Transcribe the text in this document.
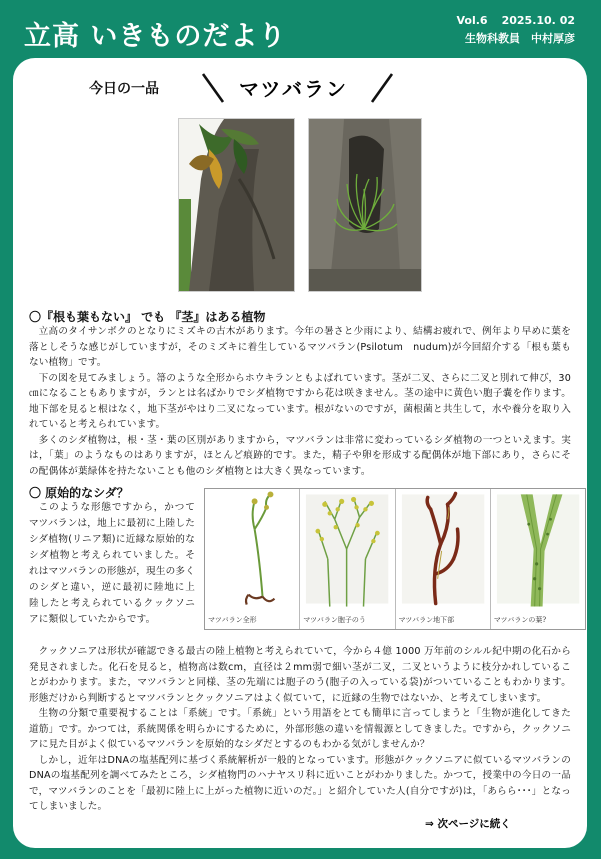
立高 いきものだより
Vol.6 2025.10. 02
生物科教員　中村厚彦
今日の一品	マツバラン
〇『根も葉もない』 でも 『茎』はある植物

立高のタイサンボクのとなりにミズキの古木があります。今年の暑さと少雨により、結構お疲れで、例年より早めに葉を落としそうな感じがしていますが，そのミズキに着生しているマツバラン(Psilotum　nudum)が今回紹介する「根も葉もない植物」です。

下の図を見てみましょう。箒のような全形からホウキランともよばれています。茎が二叉、さらに二叉と別れて伸び，30㎝になることもありますが，ランとは名ばかりでシダ植物ですから花は咲きません。茎の途中に黄色い胞子嚢を作ります。地下部を見ると根はなく，地下茎がやはり二叉になっています。根がないのですが，菌根菌と共生して，水や養分を取り入れていると考えられています。

多くのシダ植物は，根・茎・葉の区別がありますから，マツバランは非常に変わっているシダ植物の一つといえます。実は，「葉」のようなものはありますが，ほとんど痕跡的です。また，精子や卵を形成する配偶体が地下部にあり，さらにその配偶体が葉緑体を持たないことも他のシダ植物とは大きく異なっています。

〇 原始的なシダ？

このような形態ですから，かつてマツバランは，地上に最初に上陸したシダ植物(リニア類)に近縁な原始的なシダ植物と考えられていました。それはマツバランの形態が，現生の多くのシダと違い，逆に最初に陸地に上陸したと考えられているクックソニアに類似していたからです。	マツバラン全形	マツバラン胞子のう	マツバラン地下部	マツバランの葉?

クックソニアは形状が確認できる最古の陸上植物と考えられていて，今から４億 1000 万年前のシルル紀中期の化石から発見されました。化石を見ると，植物高は数cm，直径は２mm弱で細い茎が二叉，二叉というように枝分かれしていることがわかります。また，マツバランと同様、茎の先端には胞子のう(胞子の入っている袋)がついていることもわかります。形態だけから判断するとマツバランとクックソニアはよく似ていて，に近縁の生物ではないか、と考えてしまいます。

生物の分類で重要視することは「系統」です。「系統」という用語をとても簡単に言ってしまうと「生物が進化してきた道筋」です。かつては，系統関係を明らかにするために，外部形態の違いを情報源としてきました。ですから，クックソニアに見た目がよく似ているマツバランを原始的なシダだとするのもわかる気がしませんか？

しかし，近年はDNAの塩基配列に基づく系統解析が一般的となっています。形態がクックソニアに似ているマツバランのDNAの塩基配列を調べてみたところ，シダ植物門のハナヤスリ科に近いことがわかりました。かつて，授業中の今日の一品で，マツバランのことを「最初に陸上に上がった植物に近いのだ。」と紹介していた人(自分ですが)は，「あらら･･･」となってしまいました。

⇒ 次ページに続く
